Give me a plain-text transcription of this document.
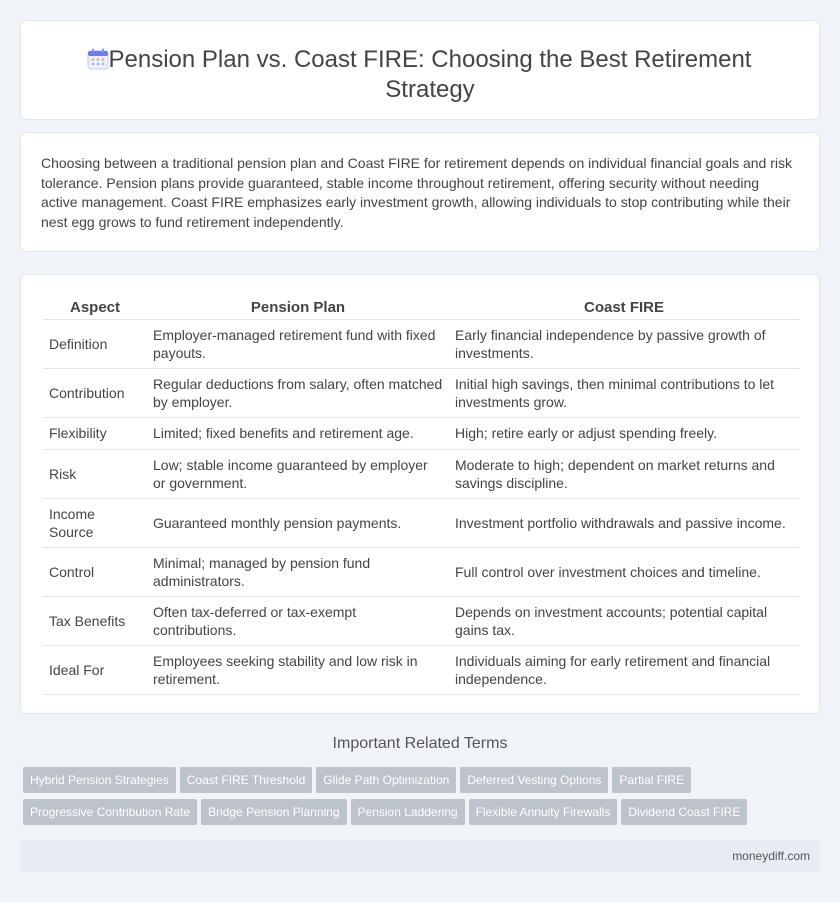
Pension Plan vs. Coast FIRE: Choosing the Best Retirement Strategy

Choosing between a traditional pension plan and Coast FIRE for retirement depends on individual financial goals and risk tolerance. Pension plans provide guaranteed, stable income throughout retirement, offering security without needing active management. Coast FIRE emphasizes early investment growth, allowing individuals to stop contributing while their nest egg grows to fund retirement independently.

Aspect	Pension Plan	Coast FIRE
Definition	Employer-managed retirement fund with fixed payouts.	Early financial independence by passive growth of investments.
Contribution	Regular deductions from salary, often matched by employer.	Initial high savings, then minimal contributions to let investments grow.
Flexibility	Limited; fixed benefits and retirement age.	High; retire early or adjust spending freely.
Risk	Low; stable income guaranteed by employer or government.	Moderate to high; dependent on market returns and savings discipline.
Income Source	Guaranteed monthly pension payments.	Investment portfolio withdrawals and passive income.
Control	Minimal; managed by pension fund administrators.	Full control over investment choices and timeline.
Tax Benefits	Often tax-deferred or tax-exempt contributions.	Depends on investment accounts; potential capital gains tax.
Ideal For	Employees seeking stability and low risk in retirement.	Individuals aiming for early retirement and financial independence.
Important Related Terms
Hybrid Pension Strategies Coast FIRE Threshold Glide Path Optimization Deferred Vesting Options Partial FIRE
Progressive Contribution Rate Bridge Pension Planning Pension Laddering Flexible Annuity Firewalls Dividend Coast FIRE
moneydiff.com
